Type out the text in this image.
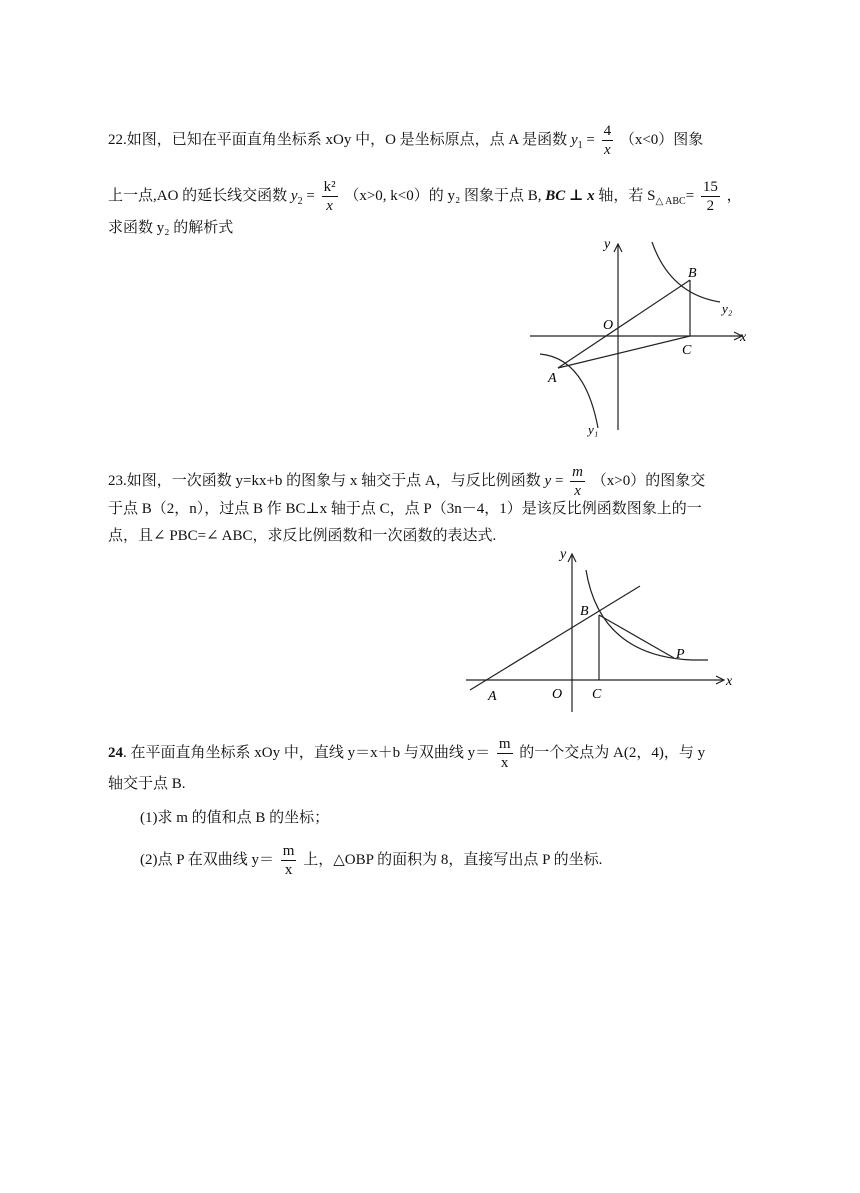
22.如图，已知在平面直角坐标系 xOy 中，O 是坐标原点，点 A 是函数 $y_1 = \frac{4}{x} (x<0)$图象
上一点,AO 的延长线交函数 $y_2 = \frac{\text{k²}}{x} (x>0$, k<0）的 y₂ 图象于点 B, BC ⊥ x 轴，若 $S_{\triangle ABC}= \frac{15}{2}$ ，
求函数 y₂ 的解析式
y
x
O
B
C
A
y₂
y₁
23.如图，一次函数 y=kx+b 的图象与 x 轴交于点 A，与反比例函数 $y = \frac{m}{x} (x>0)$的图象交
于点 B（2，n），过点 B 作 BC⊥x 轴于点 C，点 P（3n－4，1）是该反比例函数图象上的一
点，且∠ PBC=∠ ABC，求反比例函数和一次函数的表达式.
y
x
A	O C
B
P
24. 在平面直角坐标系 xOy 中，直线 y＝x＋b 与双曲线 $y= \frac{m}{x}$ 的一个交点为 A(2，4)，与 y
轴交于点 B.
(1)求 m 的值和点 B 的坐标；
(2)点 P 在双曲线 $y= \frac{m}{x}$ 上，△OBP 的面积为 8，直接写出点 P 的坐标.
